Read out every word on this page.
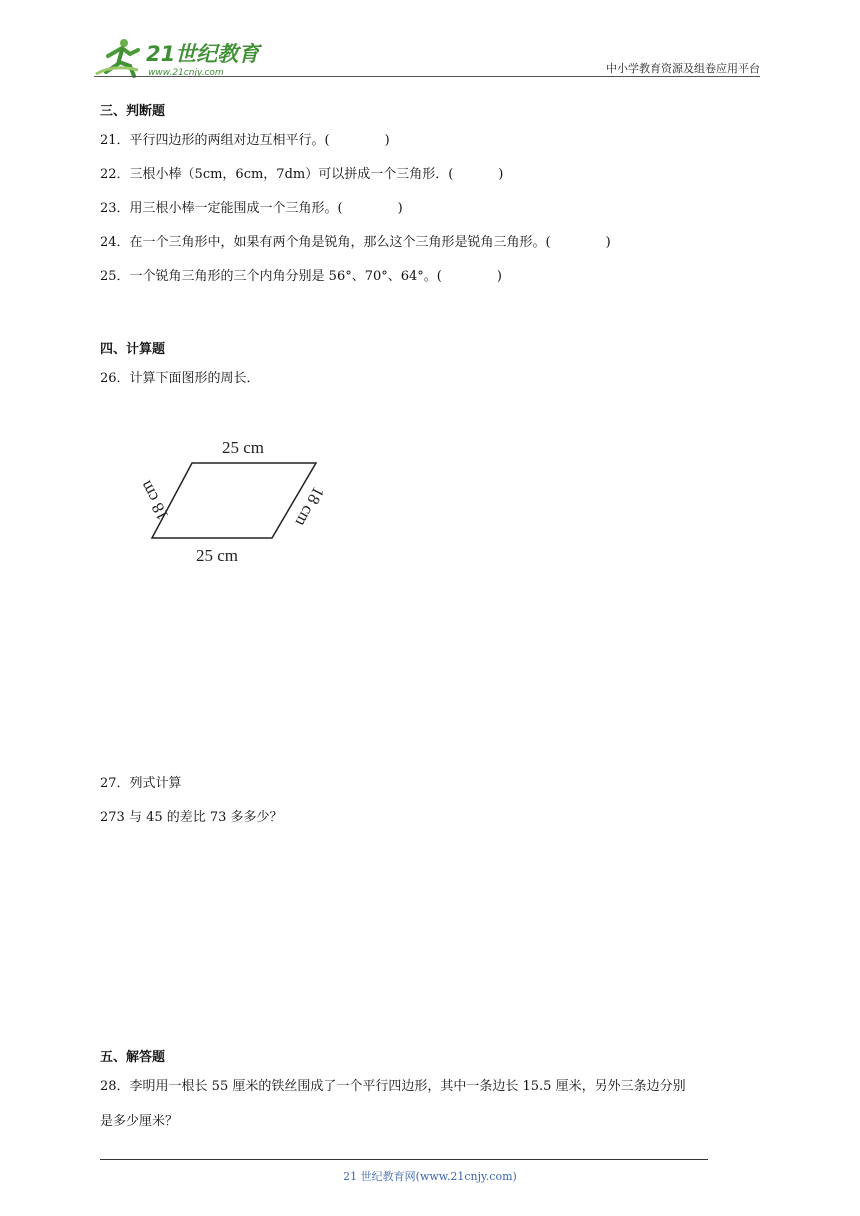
21世纪教育
www.21cnjy.com	中小学教育资源及组卷应用平台
三、判断题
21．平行四边形的两组对边互相平行。(	)
22．三根小棒（5cm，6cm，7dm）可以拼成一个三角形．(	)
23．用三根小棒一定能围成一个三角形。(	)
24．在一个三角形中，如果有两个角是锐角，那么这个三角形是锐角三角形。(	)
25．一个锐角三角形的三个内角分别是 56°、70°、64°。(	)
四、计算题
26．计算下面图形的周长．
25 cm
25 cm
18 cm	18 cm
27．列式计算
273 与 45 的差比 73 多多少？
五、解答题
28．李明用一根长 55 厘米的铁丝围成了一个平行四边形，其中一条边长 15.5 厘米，另外三条边分别
是多少厘米？
21 世纪教育网(www.21cnjy.com)
